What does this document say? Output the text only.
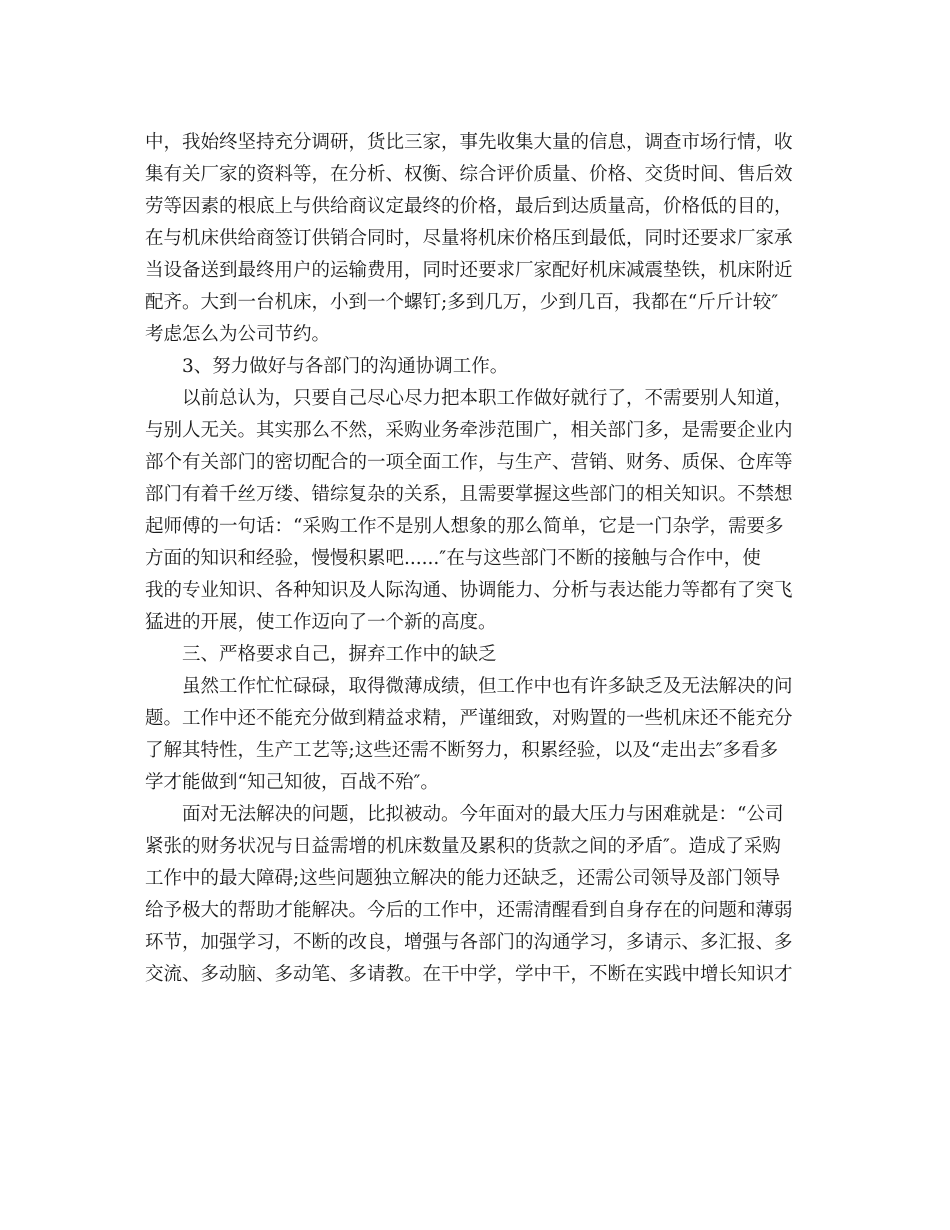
中，我始终坚持充分调研，货比三家，事先收集大量的信息，调查市场行情，收
集有关厂家的资料等，在分析、权衡、综合评价质量、价格、交货时间、售后效
劳等因素的根底上与供给商议定最终的价格，最后到达质量高，价格低的目的，
在与机床供给商签订供销合同时，尽量将机床价格压到最低，同时还要求厂家承
当设备送到最终用户的运输费用，同时还要求厂家配好机床减震垫铁，机床附近
配齐。大到一台机床，小到一个螺钉;多到几万，少到几百，我都在“斤斤计较″
考虑怎么为公司节约。
3、努力做好与各部门的沟通协调工作。
以前总认为，只要自己尽心尽力把本职工作做好就行了，不需要别人知道，
与别人无关。其实那么不然，采购业务牵涉范围广，相关部门多，是需要企业内
部个有关部门的密切配合的一项全面工作，与生产、营销、财务、质保、仓库等
部门有着千丝万缕、错综复杂的关系，且需要掌握这些部门的相关知识。不禁想
起师傅的一句话：“采购工作不是别人想象的那么简单，它是一门杂学，需要多
方面的知识和经验，慢慢积累吧......″在与这些部门不断的接触与合作中，使
我的专业知识、各种知识及人际沟通、协调能力、分析与表达能力等都有了突飞
猛进的开展，使工作迈向了一个新的高度。
三、严格要求自己，摒弃工作中的缺乏
虽然工作忙忙碌碌，取得微薄成绩，但工作中也有许多缺乏及无法解决的问
题。工作中还不能充分做到精益求精，严谨细致，对购置的一些机床还不能充分
了解其特性，生产工艺等;这些还需不断努力，积累经验，以及“走出去″多看多
学才能做到“知己知彼，百战不殆″。
面对无法解决的问题，比拟被动。今年面对的最大压力与困难就是：“公司
紧张的财务状况与日益需增的机床数量及累积的货款之间的矛盾″。造成了采购
工作中的最大障碍;这些问题独立解决的能力还缺乏，还需公司领导及部门领导
给予极大的帮助才能解决。今后的工作中，还需清醒看到自身存在的问题和薄弱
环节，加强学习，不断的改良，增强与各部门的沟通学习，多请示、多汇报、多
交流、多动脑、多动笔、多请教。在干中学，学中干，不断在实践中增长知识才
